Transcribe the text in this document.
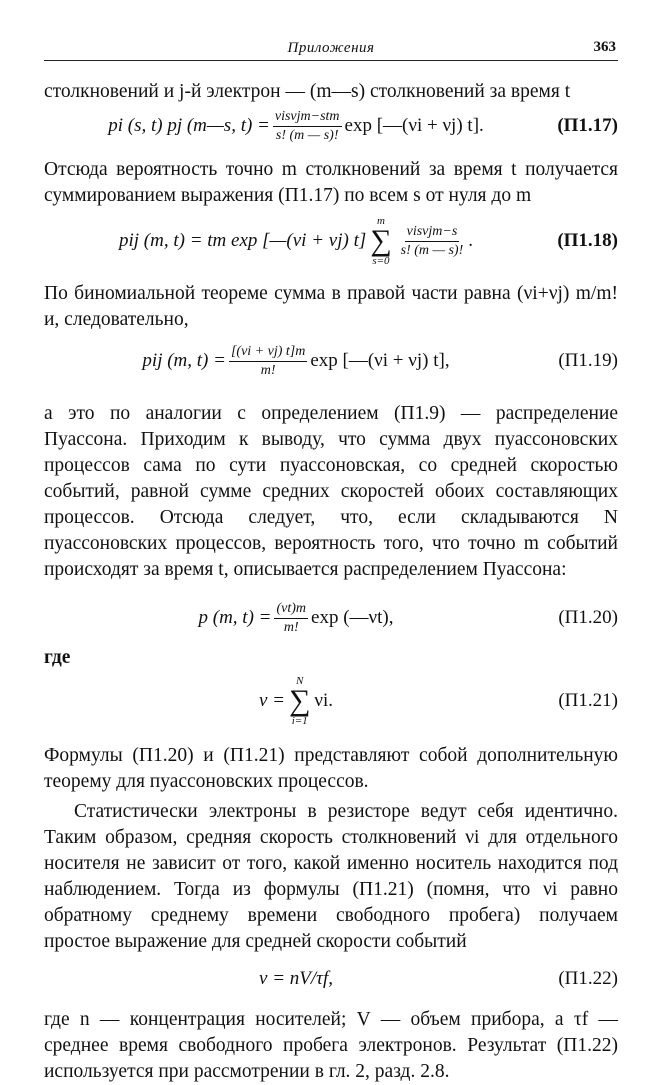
Приложения	363

столкновений и j-й электрон — (m—s) столкновений за время t

pi (s, t) pj (m—s, $t) = \frac{\text{νisνjm−stm}}{s! (m — s)!}$ exp [—(νi + νj) t].	(П1.17)

Отсюда вероятность точно m столкновений за время t получается суммированием выражения (П1.17) по всем s от нуля до m

pij (m, t) = tm exp [—(νi + νj) t]
m
∑
s=0
$\frac{\text{νisνjm−s}}{s! (m — s)!}$ .	(П1.18)

По биномиальной теореме сумма в правой части равна (νi+νj) m/m! и, следовательно,

pij (m, $t) = \frac{[(\nu i + \nu j) t]m}{m!}$ exp [—(νi + νj) t],	(П1.19)

а это по аналогии с определением (П1.9) — распределение Пуассона. Приходим к выводу, что сумма двух пуассоновских процессов сама по сути пуассоновская, со средней скоростью событий, равной сумме средних скоростей обоих составляющих процессов. Отсюда следует, что, если складываются N пуассоновских процессов, вероятность того, что точно m событий происходят за время t, описывается распределением Пуассона:

p (m, $t) = \frac{(\nu t)m}{m!}$ exp (—νt),	(П1.20)

где

ν =
N
∑
i=1
νi.	(П1.21)

Формулы (П1.20) и (П1.21) представляют собой дополнительную теорему для пуассоновских процессов.

Статистически электроны в резисторе ведут себя идентично. Таким образом, средняя скорость столкновений νi для отдельного носителя не зависит от того, какой именно носитель находится под наблюдением. Тогда из формулы (П1.21) (помня, что νi равно обратному среднему времени свободного пробега) получаем простое выражение для средней скорости событий

ν = nV/τf,	(П1.22)

где n — концентрация носителей; V — объем прибора, а τf — среднее время свободного пробега электронов. Результат (П1.22) используется при рассмотрении в гл. 2, разд. 2.8.
